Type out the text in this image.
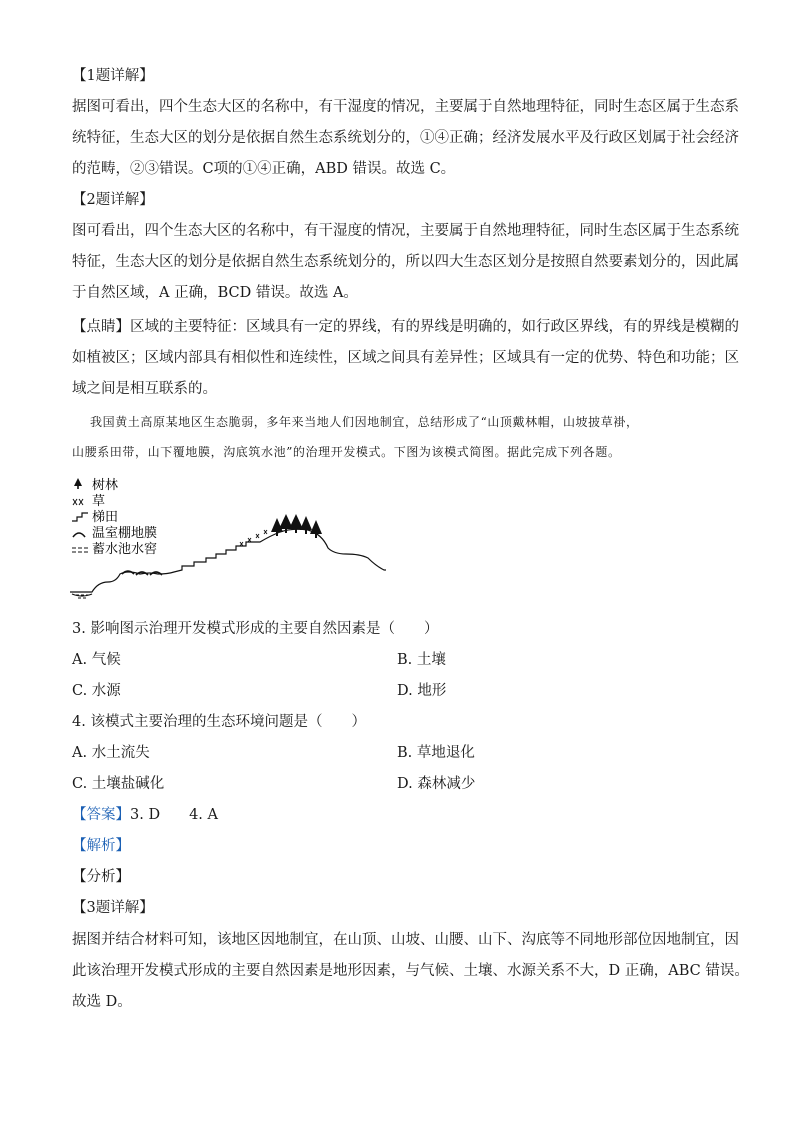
【1题详解】
据图可看出，四个生态大区的名称中，有干湿度的情况，主要属于自然地理特征，同时生态区属于生态系
统特征，生态大区的划分是依据自然生态系统划分的，①④正确；经济发展水平及行政区划属于社会经济
的范畴，②③错误。C项的①④正确，ABD 错误。故选 C。
【2题详解】
图可看出，四个生态大区的名称中，有干湿度的情况，主要属于自然地理特征，同时生态区属于生态系统
特征，生态大区的划分是依据自然生态系统划分的，所以四大生态区划分是按照自然要素划分的，因此属
于自然区域，A 正确，BCD 错误。故选 A。
【点睛】区域的主要特征：区域具有一定的界线，有的界线是明确的，如行政区界线，有的界线是模糊的
如植被区；区域内部具有相似性和连续性，区域之间具有差异性；区域具有一定的优势、特色和功能；区
域之间是相互联系的。
我国黄土高原某地区生态脆弱，多年来当地人们因地制宜，总结形成了“山顶戴林帽，山坡披草褂，
山腰系田带，山下覆地膜，沟底筑水池”的治理开发模式。下图为该模式简图。据此完成下列各题。
树林
草
梯田
温室棚地膜
蓄水池水窖
3. 影响图示治理开发模式形成的主要自然因素是（　　）
A. 气候	B. 土壤
C. 水源	D. 地形
4. 该模式主要治理的生态环境问题是（　　）
A. 水土流失	B. 草地退化
C. 土壤盐碱化	D. 森林减少
【答案】3. D　　4. A
【解析】
【分析】
【3题详解】
据图并结合材料可知，该地区因地制宜，在山顶、山坡、山腰、山下、沟底等不同地形部位因地制宜，因
此该治理开发模式形成的主要自然因素是地形因素，与气候、土壤、水源关系不大，D 正确，ABC 错误。
故选 D。
